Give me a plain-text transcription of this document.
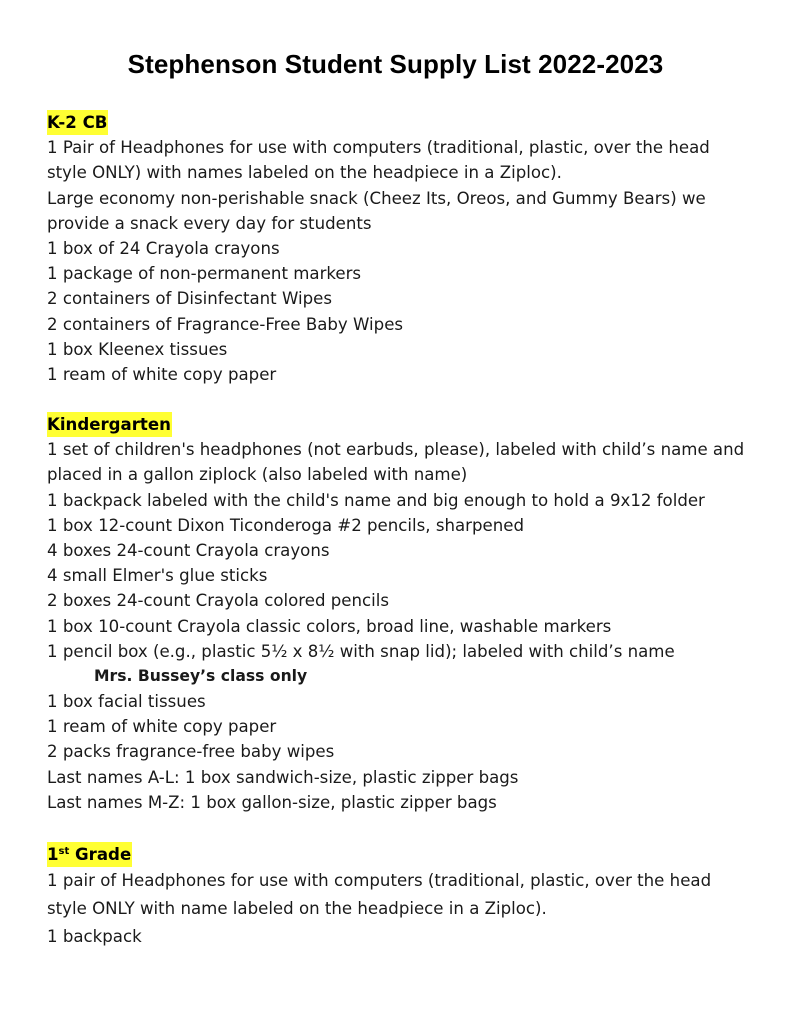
Stephenson Student Supply List 2022-2023
K-2 CB
1 Pair of Headphones for use with computers (traditional, plastic, over the head
style ONLY) with names labeled on the headpiece in a Ziploc).
Large economy non-perishable snack (Cheez Its, Oreos, and Gummy Bears) we
provide a snack every day for students
1 box of 24 Crayola crayons
1 package of non-permanent markers
2 containers of Disinfectant Wipes
2 containers of Fragrance-Free Baby Wipes
1 box Kleenex tissues
1 ream of white copy paper
Kindergarten
1 set of children's headphones (not earbuds, please), labeled with child’s name and
placed in a gallon ziplock (also labeled with name)
1 backpack labeled with the child's name and big enough to hold a 9x12 folder
1 box 12-count Dixon Ticonderoga #2 pencils, sharpened
4 boxes 24-count Crayola crayons
4 small Elmer's glue sticks
2 boxes 24-count Crayola colored pencils
1 box 10-count Crayola classic colors, broad line, washable markers
1 pencil box (e.g., plastic 5½ x 8½ with snap lid); labeled with child’s name
Mrs. Bussey’s class only
1 box facial tissues
1 ream of white copy paper
2 packs fragrance-free baby wipes
Last names A-L: 1 box sandwich-size, plastic zipper bags
Last names M-Z: 1 box gallon-size, plastic zipper bags
1st Grade
1 pair of Headphones for use with computers (traditional, plastic, over the head
style ONLY with name labeled on the headpiece in a Ziploc).
1 backpack
